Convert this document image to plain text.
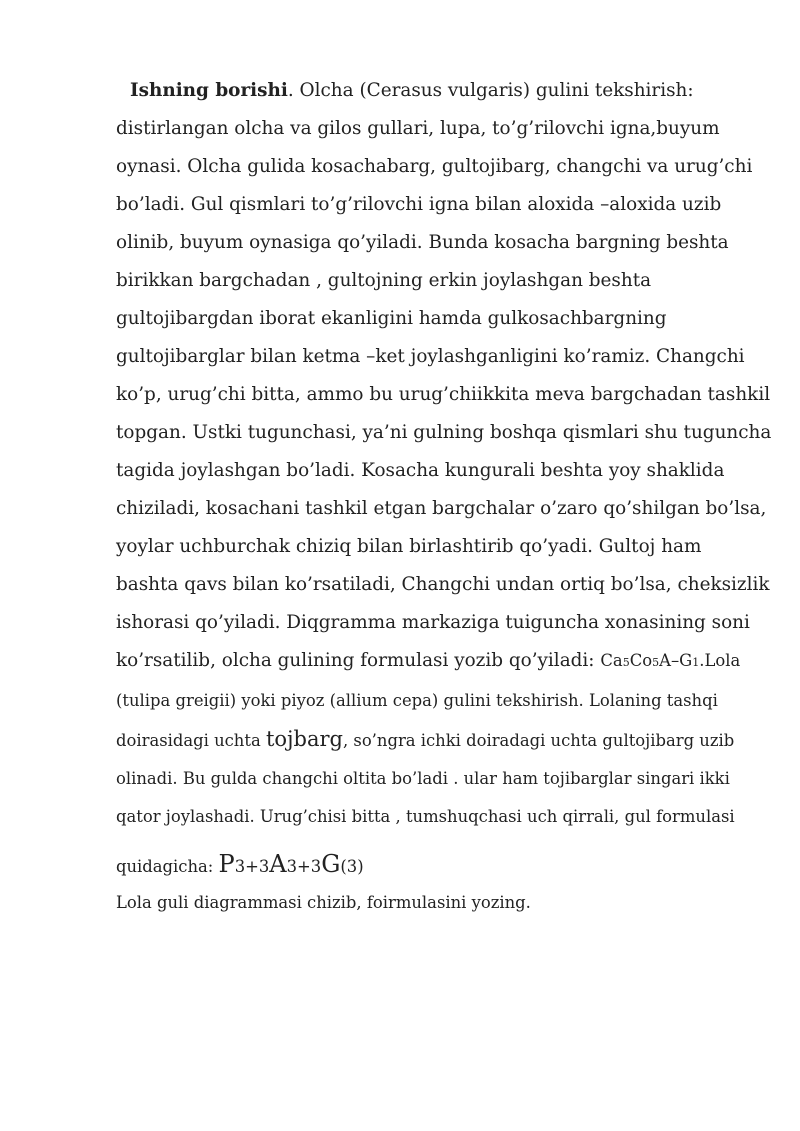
Ishning borishi. Olcha (Cerasus vulgaris) gulini tekshirish:

distirlangan olcha va gilos gullari, lupa, to’g’rilovchi igna,buyum
oynasi. Olcha gulida kosachabarg, gultojibarg, changchi va urug’chi
bo’ladi. Gul qismlari to’g’rilovchi igna bilan aloxida –aloxida uzib
olinib, buyum oynasiga qo’yiladi. Bunda kosacha bargning beshta
birikkan bargchadan , gultojning erkin joylashgan beshta
gultojibargdan iborat ekanligini hamda gulkosachbargning
gultojibarglar bilan ketma –ket joylashganligini ko’ramiz. Changchi
ko’p, urug’chi bitta, ammo bu urug’chiikkita meva bargchadan tashkil
topgan. Ustki tugunchasi, ya’ni gulning boshqa qismlari shu tuguncha
tagida joylashgan bo’ladi. Kosacha kungurali beshta yoy shaklida
chiziladi, kosachani tashkil etgan bargchalar o’zaro qo’shilgan bo’lsa,
yoylar uchburchak chiziq bilan birlashtirib qo’yadi. Gultoj ham
bashta qavs bilan ko’rsatiladi, Changchi undan ortiq bo’lsa, cheksizlik
ishorasi qo’yiladi. Diqgramma markaziga tuiguncha xonasining soni
ko’rsatilib, olcha gulining formulasi yozib qo’yiladi: Ca5Co5A–G1.Lola
(tulipa greigii) yoki piyoz (allium cepa) gulini tekshirish. Lolaning tashqi
doirasidagi uchta tojbarg, so’ngra ichki doiradagi uchta gultojibarg uzib
olinadi. Bu gulda changchi oltita bo’ladi . ular ham tojibarglar singari ikki
qator joylashadi. Urug’chisi bitta , tumshuqchasi uch qirrali, gul formulasi
quidagicha: P3+3A3+3G(3)
Lola guli diagrammasi chizib, foirmulasini yozing.
